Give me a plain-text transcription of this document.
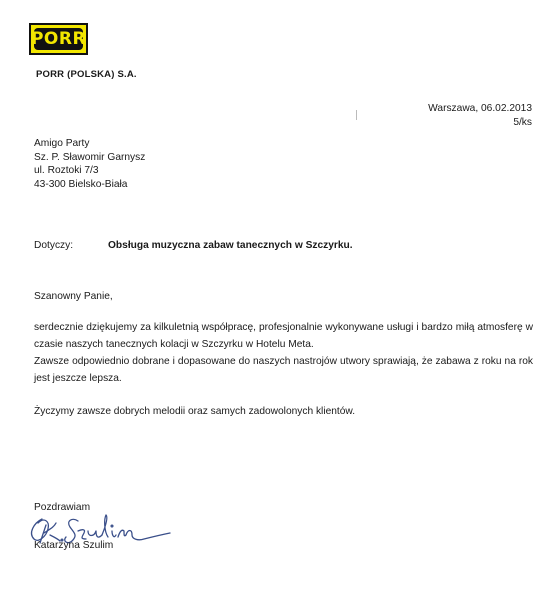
PORR
PORR (POLSKA) S.A.
Warszawa, 06.02.2013
5/ks
Amigo Party
Sz. P. Sławomir Garnysz
ul. Roztoki 7/3
43-300 Bielsko-Biała
Dotyczy:	Obsługa muzyczna zabaw tanecznych w Szczyrku.
Szanowny Panie,
serdecznie dziękujemy za kilkuletnią współpracę, profesjonalnie wykonywane usługi i bardzo miłą atmosferę w czasie naszych tanecznych kolacji w Szczyrku w Hotelu Meta.
Zawsze odpowiednio dobrane i dopasowane do naszych nastrojów utwory sprawiają, że zabawa z roku na rok jest jeszcze lepsza.
Życzymy zawsze dobrych melodii oraz samych zadowolonych klientów.
Pozdrawiam
Katarzyna Szulim
